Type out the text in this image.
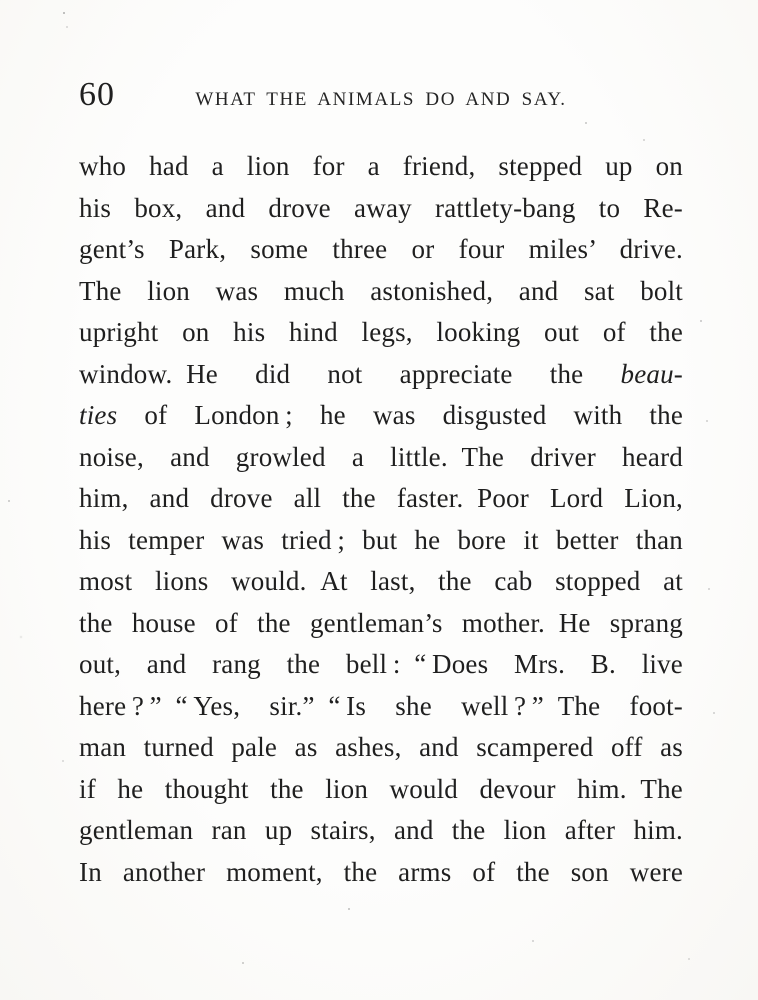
60	WHAT THE ANIMALS DO AND SAY.
who had a lion for a friend, stepped up on
his box, and drove away rattlety-bang to Re-
gent’s Park, some three or four miles’ drive.
The lion was much astonished, and sat bolt
upright on his hind legs, looking out of the
window. He did not appreciate the beau-
ties of London ; he was disgusted with the
noise, and growled a little. The driver heard
him, and drove all the faster. Poor Lord Lion,
his temper was tried ; but he bore it better than
most lions would. At last, the cab stopped at
the house of the gentleman’s mother. He sprang
out, and rang the bell : “ Does Mrs. B. live
here ? ” “ Yes, sir.” “ Is she well ? ” The foot-
man turned pale as ashes, and scampered off as
if he thought the lion would devour him. The
gentleman ran up stairs, and the lion after him.
In another moment, the arms of the son were
